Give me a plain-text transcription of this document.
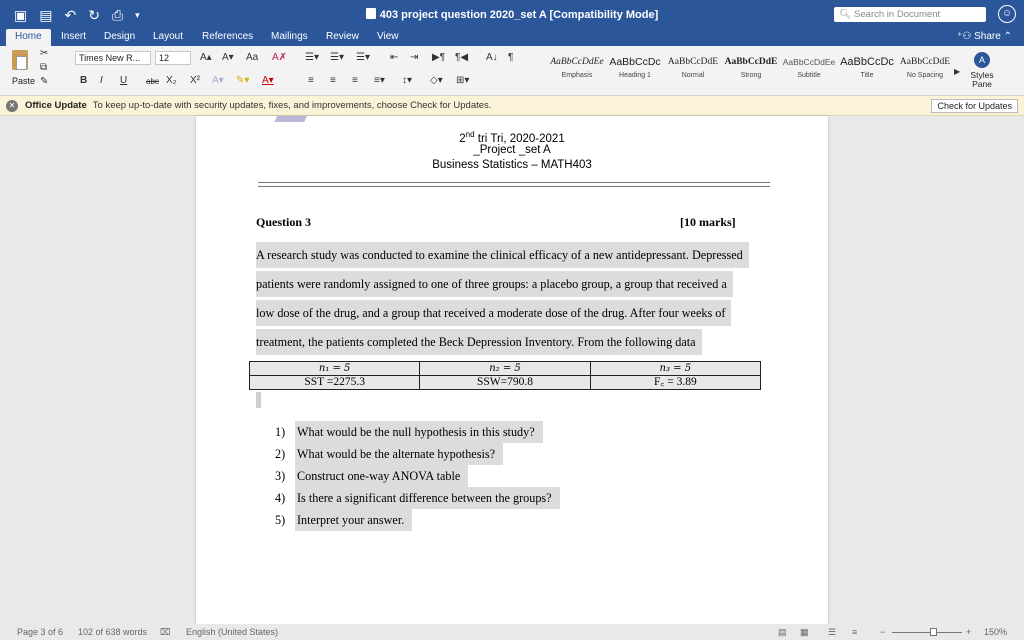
▣ ▤ ↶ ↻ ⎙ ▾	403 project question 2020_set A [Compatibility Mode]	🔍︎ Search in Document	☺
Home	Insert Design Layout References Mailings Review View	⁺⚇ Share ⌃
Paste
✂
⧉
✎
Times New R...	12	A▴ A▾ Aa A✗
B I U abc X₂ X² A▾ ✎▾ A▾
☰▾ ☰▾ ☰▾ ⇤ ⇥ ▶¶ ¶◀ A↓ ¶
≡ ≡ ≡ ≡▾ ↕▾ ◇▾ ⊞▾
AaBbCcDdEe
Emphasis
AaBbCcDc
Heading 1
AaBbCcDdE
Normal
AaBbCcDdE
Strong
AaBbCcDdEe
Subtitle
AaBbCcDc
Title
AaBbCcDdE
No Spacing	▶
A
Styles Pane
✕ Office Update To keep up-to-date with security updates, fixes, and improvements, choose Check for Updates.	Check for Updates
2nd tri Tri, 2020-2021
_Project _set A
Business Statistics – MATH403
Question 3	[10 marks]
A research study was conducted to examine the clinical efficacy of a new antidepressant. Depressed
patients were randomly assigned to one of three groups: a placebo group, a group that received a
low dose of the drug, and a group that received a moderate dose of the drug. After four weeks of
treatment, the patients completed the Beck Depression Inventory. From the following data
n₁ = 5	n₂ = 5	n₃ = 5
SST =2275.3	SSW=790.8	F꜀ = 3.89
1) What would be the null hypothesis in this study?
2) What would be the alternate hypothesis?
3) Construct one-way ANOVA table
4) Is there a significant difference between the groups?
5) Interpret your answer.
Page 3 of 6 102 of 638 words ⌧ English (United States)	▤ ▦ ☰ ≡	−	+ 150%
